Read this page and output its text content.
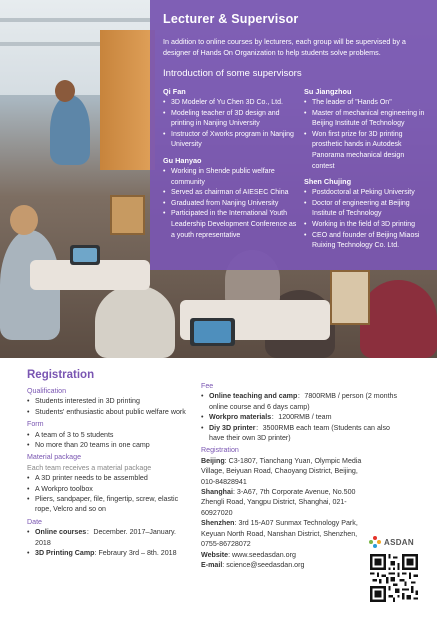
Lecturer & Supervisor

In addition to online courses by lecturers, each group will be supervised by a designer of Hands On Organization to help students solve problems.

Introduction of some supervisors
Qi Fan
• 3D Modeler of Yu Chen 3D Co., Ltd.
• Modeling teacher of 3D design and printing in Nanjing University
• Instructor of Xworks program in Nanjing University
Gu Hanyao
• Working in Shende public welfare community
• Served as chairman of AIESEC China
• Graduated from Nanjing University
• Participated in the International Youth Leadership Development Conference as a youth representative
Su Jiangzhou
• The leader of "Hands On"
• Master of mechanical engineering in Beijing Institute of Technology
• Won first prize for 3D printing prosthetic hands in Autodesk Panorama mechanical design contest
Shen Chujing
• Postdoctoral at Peking University
• Doctor of engineering at Beijing Institute of Technology
• Working in the field of 3D printing
• CEO and founder of Beijing Miaosi Ruixing Technology Co. Ltd.
Registration
Qualification
• Students interested in 3D printing
• Students' enthusiastic about public welfare work
Form
• A team of 3 to 5 students
• No more than 20 teams in one camp
Material package
Each team receives a material package
• A 3D printer needs to be assembled
• A Workpro toolbox
• Pliers, sandpaper, file, fingertip, screw, elastic rope, Velcro and so on
Date
• Online courses：December. 2017–January. 2018
• 3D Printing Camp: Febraury 3rd – 8th. 2018
Fee
• Online teaching and camp：7800RMB / person (2 months online course and 6 days camp)
• Workpro materials：1200RMB / team
• Diy 3D printer：3500RMB each team (Students can also have their own 3D printer)
Registration
Beijing: C3-1807, Tianchang Yuan, Olympic Media Village, Beiyuan Road, Chaoyang District, Beijing, 010-84828941
Shanghai: 3-A67, 7th Corporate Avenue, No.500 Zhengli Road, Yangpu District, Shanghai, 021-60927020
Shenzhen: 3rd 15-A07 Sunmax Technology Park, Keyuan North Road, Nanshan District, Shenzhen, 0755-86728072
Website: www.seedasdan.org
E-mail: science@seedasdan.org
ASDAN
